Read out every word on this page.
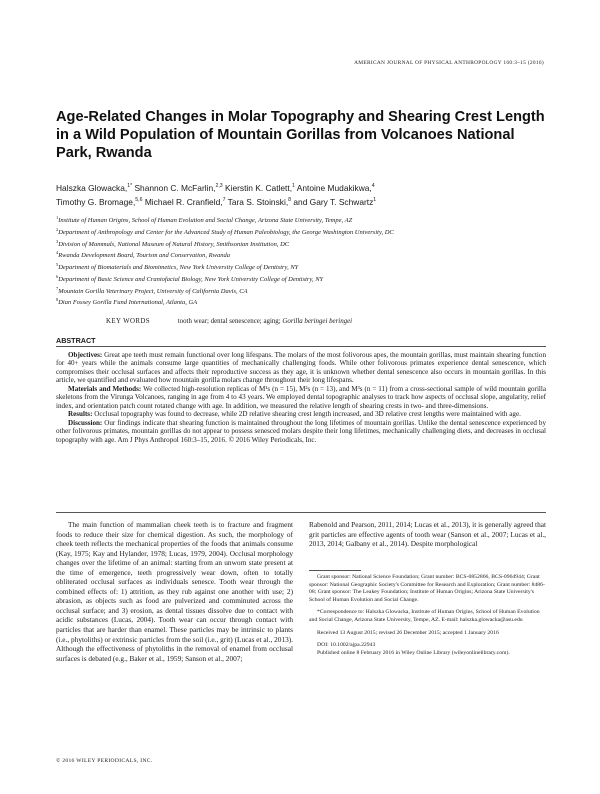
AMERICAN JOURNAL OF PHYSICAL ANTHROPOLOGY 160:3–15 (2016)
Age-Related Changes in Molar Topography and Shearing Crest Length in a Wild Population of Mountain Gorillas from Volcanoes National Park, Rwanda
Halszka Glowacka,$^{1*}$ Shannon C. McFarlin,$^{2,3}$ Kierstin K. Catlett,$^1$ Antoine Mudakikwa,$^4$
Timothy G. Bromage,$^{5,6}$ Michael R. Cranfield,$^7$ Tara S. Stoinski,$^8$ and Gary T. Schwartz$^1$

$^1$Institute of Human Origins, School of Human Evolution and Social Change, Arizona State University, Tempe, AZ

$^2$Department of Anthropology and Center for the Advanced Study of Human Paleobiology, the George Washington University, DC

$^3$Division of Mammals, National Museum of Natural History, Smithsonian Institution, DC

$^4$Rwanda Development Board, Tourism and Conservation, Rwanda

$^5$Department of Biomaterials and Biomimetics, New York University College of Dentistry, NY

$^6$Department of Basic Science and Craniofacial Biology, New York University College of Dentistry, NY

$^7$Mountain Gorilla Veterinary Project, University of California Davis, CA

$^8$Dian Fossey Gorilla Fund International, Atlanta, GA

KEY WORDS	tooth wear; dental senescence; aging; Gorilla beringei beringei
ABSTRACT

Objectives: Great ape teeth must remain functional over long lifespans. The molars of the most folivorous apes, the mountain gorillas, must maintain shearing function for 40+ years while the animals consume large quantities of mechanically challenging foods. While other folivorous primates experience dental senescence, which compromises their occlusal surfaces and affects their reproductive success as they age, it is unknown whether dental senescence also occurs in mountain gorillas. In this article, we quantified and evaluated how mountain gorilla molars change throughout their long lifespans.

Materials and Methods: We collected high-resolution replicas of M¹s (n = 15), M²s (n = 13), and M³s (n = 11) from a cross-sectional sample of wild mountain gorilla skeletons from the Virunga Volcanoes, ranging in age from 4 to 43 years. We employed dental topographic analyses to track how aspects of occlusal slope, angularity, relief index, and orientation patch count rotated change with age. In addition, we measured the relative length of shearing crests in two- and three-dimensions.

Results: Occlusal topography was found to decrease, while 2D relative shearing crest length increased, and 3D relative crest lengths were maintained with age.

Discussion: Our findings indicate that shearing function is maintained throughout the long lifetimes of mountain gorillas. Unlike the dental senescence experienced by other folivorous primates, mountain gorillas do not appear to possess senesced molars despite their long lifetimes, mechanically challenging diets, and decreases in occlusal topography with age. Am J Phys Anthropol 160:3–15, 2016. © 2016 Wiley Periodicals, Inc.

The main function of mammalian cheek teeth is to fracture and fragment foods to reduce their size for chemical digestion. As such, the morphology of cheek teeth reflects the mechanical properties of the foods that animals consume (Kay, 1975; Kay and Hylander, 1978; Lucas, 1979, 2004). Occlusal morphology changes over the lifetime of an animal: starting from an unworn state present at the time of emergence, teeth progressively wear down, often to totally obliterated occlusal surfaces as individuals senesce. Tooth wear through the combined effects of: 1) attrition, as they rub against one another with use; 2) abrasion, as objects such as food are pulverized and comminuted across the occlusal surface; and 3) erosion, as dental tissues dissolve due to contact with acidic substances (Lucas, 2004). Tooth wear can occur through contact with particles that are harder than enamel. These particles may be intrinsic to plants (i.e., phytoliths) or extrinsic particles from the soil (i.e., grit) (Lucas et al., 2013). Although the effectiveness of phytoliths in the removal of enamel from occlusal surfaces is debated (e.g., Baker et al., 1959; Sanson et al., 2007;
Rabenold and Pearson, 2011, 2014; Lucas et al., 2013), it is generally agreed that grit particles are effective agents of tooth wear (Sanson et al., 2007; Lucas et al., 2013, 2014; Galbany et al., 2014). Despite morphological

Grant sponsor: National Science Foundation; Grant number: BCS-0852866, BCS-0964944; Grant sponsor: National Geographic Society's Committee for Research and Exploration; Grant number: 8486-08; Grant sponsor: The Leakey Foundation; Institute of Human Origins; Arizona State University's School of Human Evolution and Social Change.

*Correspondence to: Halszka Glowacka, Institute of Human Origins, School of Human Evolution and Social Change, Arizona State University, Tempe, AZ. E-mail: halszka.glowacka@asu.edu

Received 13 August 2015; revised 26 December 2015; accepted 1 January 2016

DOI: 10.1002/ajpa.22943

Published online 8 February 2016 in Wiley Online Library (wileyonlinelibrary.com).

© 2016 WILEY PERIODICALS, INC.
